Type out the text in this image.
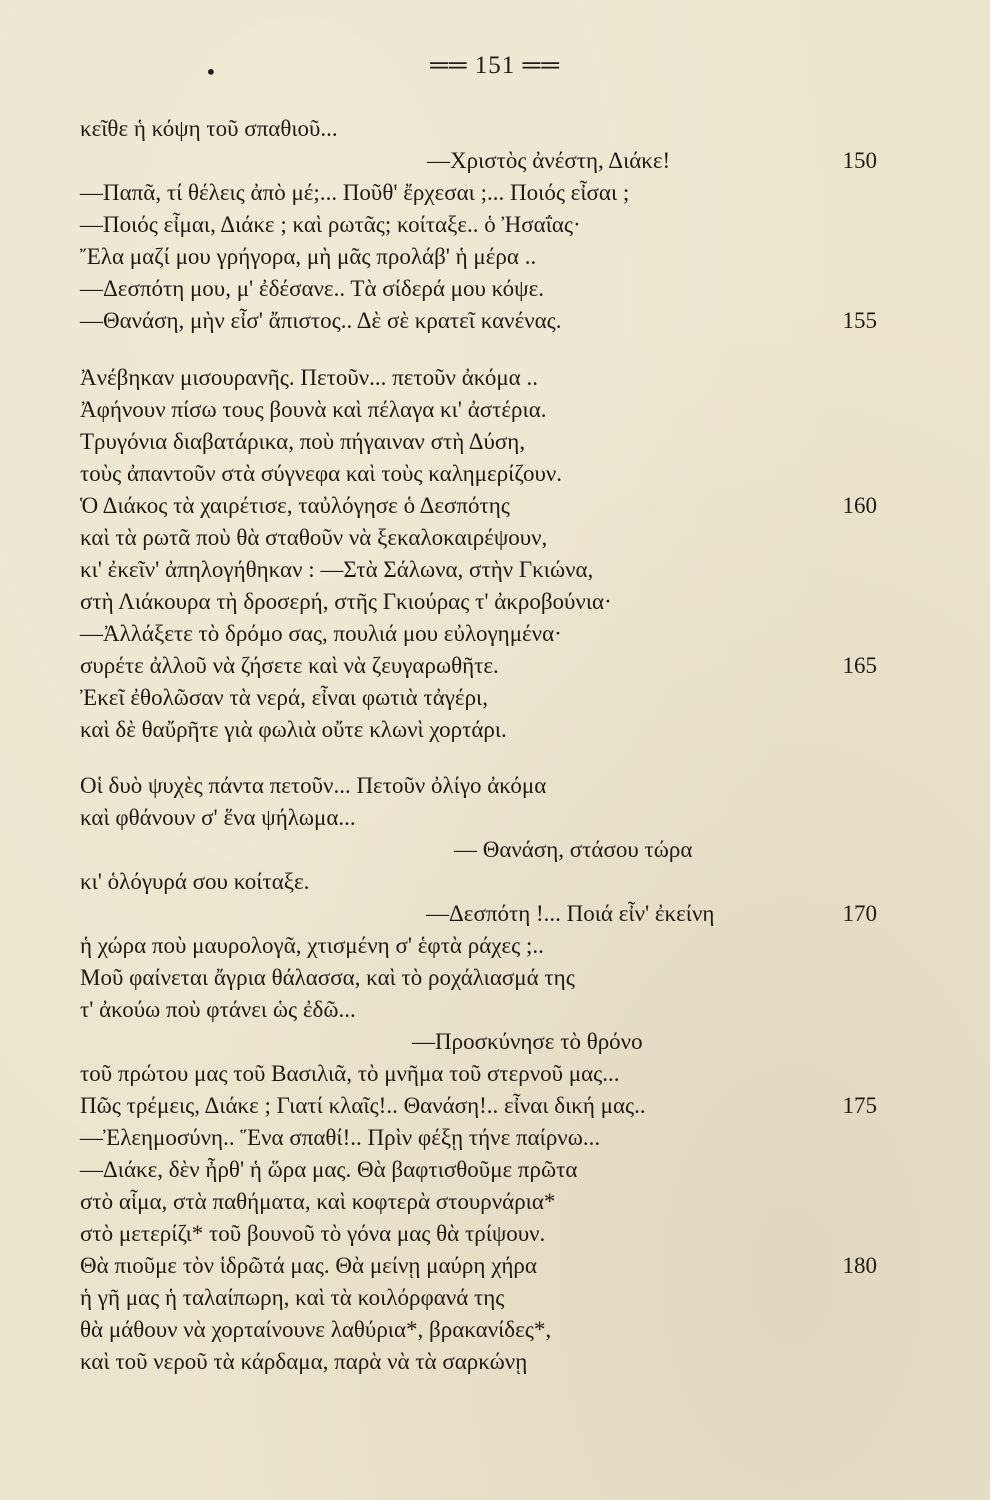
•	══ 151 ══
κεῖθε ἡ κόψη τοῦ σπαθιοῦ...
—Χριστὸς ἀνέστη, Διάκε!	150
—Παπᾶ, τί θέλεις ἀπὸ μέ;... Ποῦθ' ἔρχεσαι ;... Ποιός εἶσαι ;
—Ποιός εἶμαι, Διάκε ; καὶ ρωτᾶς; κοίταξε.. ὁ Ἠσαΐας·
Ἔλα μαζί μου γρήγορα, μὴ μᾶς προλάβ' ἡ μέρα ..
—Δεσπότη μου, μ' ἐδέσανε.. Τὰ σίδερά μου κόψε.
—Θανάση, μὴν εἶσ' ἄπιστος.. Δὲ σὲ κρατεῖ κανένας.	155
Ἀνέβηκαν μισουρανῆς. Πετοῦν... πετοῦν ἀκόμα ..
Ἀφήνουν πίσω τους βουνὰ καὶ πέλαγα κι' ἀστέρια.
Τρυγόνια διαβατάρικα, ποὺ πήγαιναν στὴ Δύση,
τοὺς ἀπαντοῦν στὰ σύγνεφα καὶ τοὺς καλημερίζουν.
Ὁ Διάκος τὰ χαιρέτισε, ταὐλόγησε ὁ Δεσπότης	160
καὶ τὰ ρωτᾶ ποὺ θὰ σταθοῦν νὰ ξεκαλοκαιρέψουν,
κι' ἐκεῖν' ἀπηλογήθηκαν : —Στὰ Σάλωνα, στὴν Γκιώνα,
στὴ Λιάκουρα τὴ δροσερή, στῆς Γκιούρας τ' ἀκροβούνια·
—Ἀλλάξετε τὸ δρόμο σας, πουλιά μου εὐλογημένα·
συρέτε ἀλλοῦ νὰ ζήσετε καὶ νὰ ζευγαρωθῆτε.	165
Ἐκεῖ ἐθολῶσαν τὰ νερά, εἶναι φωτιὰ τἀγέρι,
καὶ δὲ θαὔρῆτε γιὰ φωλιὰ οὔτε κλωνὶ χορτάρι.
Οἱ δυὸ ψυχὲς πάντα πετοῦν... Πετοῦν ὀλίγο ἀκόμα
καὶ φθάνουν σ' ἕνα ψήλωμα...
— Θανάση, στάσου τώρα
κι' ὁλόγυρά σου κοίταξε.
—Δεσπότη !... Ποιά εἶν' ἐκείνη	170
ἡ χώρα ποὺ μαυρολογᾶ, χτισμένη σ' ἑφτὰ ράχες ;..
Μοῦ φαίνεται ἄγρια θάλασσα, καὶ τὸ ροχάλιασμά της
τ' ἀκούω ποὺ φτάνει ὡς ἐδῶ...
—Προσκύνησε τὸ θρόνο
τοῦ πρώτου μας τοῦ Βασιλιᾶ, τὸ μνῆμα τοῦ στερνοῦ μας...
Πῶς τρέμεις, Διάκε ; Γιατί κλαῖς!.. Θανάση!.. εἶναι δική μας..	175
—Ἐλεημοσύνη.. Ἕνα σπαθί!.. Πρὶν φέξῃ τήνε παίρνω...
—Διάκε, δὲν ἦρθ' ἡ ὥρα μας. Θὰ βαφτισθοῦμε πρῶτα
στὸ αἷμα, στὰ παθήματα, καὶ κοφτερὰ στουρνάρια*
στὸ μετερίζι* τοῦ βουνοῦ τὸ γόνα μας θὰ τρίψουν.
Θὰ πιοῦμε τὸν ἱδρῶτά μας. Θὰ μείνῃ μαύρη χήρα	180
ἡ γῆ μας ἡ ταλαίπωρη, καὶ τὰ κοιλόρφανά της
θὰ μάθουν νὰ χορταίνουνε λαθύρια*, βρακανίδες*,
καὶ τοῦ νεροῦ τὰ κάρδαμα, παρὰ νὰ τὰ σαρκώνῃ
